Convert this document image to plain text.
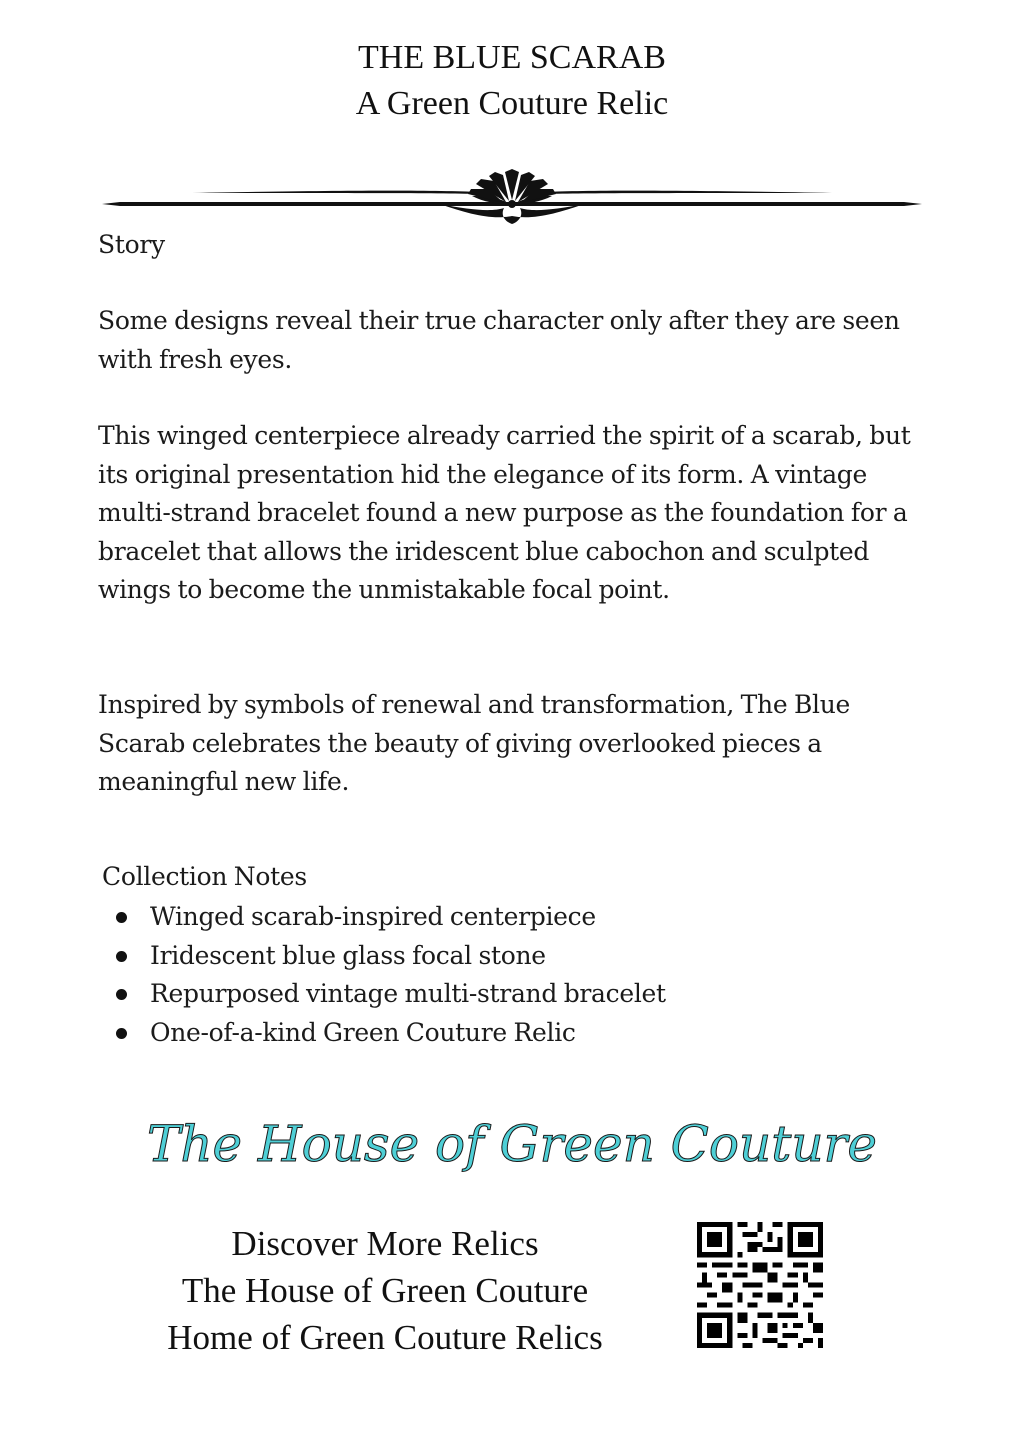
THE BLUE SCARAB
A Green Couture Relic

Story

Some designs reveal their true character only after they are seen with fresh eyes.

This winged centerpiece already carried the spirit of a scarab, but its original presentation hid the elegance of its form. A vintage multi-strand bracelet found a new purpose as the foundation for a bracelet that allows the iridescent blue cabochon and sculpted wings to become the unmistakable focal point.

Inspired by symbols of renewal and transformation, The Blue Scarab celebrates the beauty of giving overlooked pieces a meaningful new life.

Collection Notes

Winged scarab-inspired centerpiece
Iridescent blue glass focal stone
Repurposed vintage multi-strand bracelet
One-of-a-kind Green Couture Relic
The House of Green Couture
Discover More Relics
The House of Green Couture
Home of Green Couture Relics
